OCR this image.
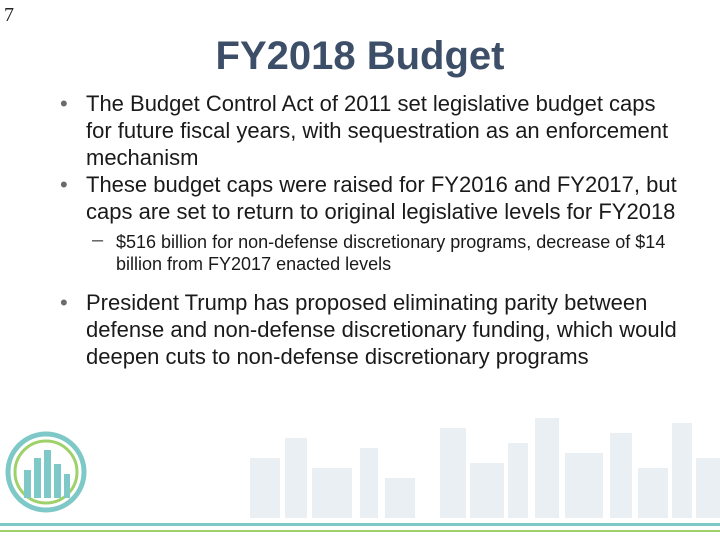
7
FY2018 Budget
• The Budget Control Act of 2011 set legislative budget caps for future fiscal years, with sequestration as an enforcement mechanism
• These budget caps were raised for FY2016 and FY2017, but caps are set to return to original legislative levels for FY2018
– $516 billion for non-defense discretionary programs, decrease of $14 billion from FY2017 enacted levels
• President Trump has proposed eliminating parity between defense and non-defense discretionary funding, which would deepen cuts to non-defense discretionary programs
